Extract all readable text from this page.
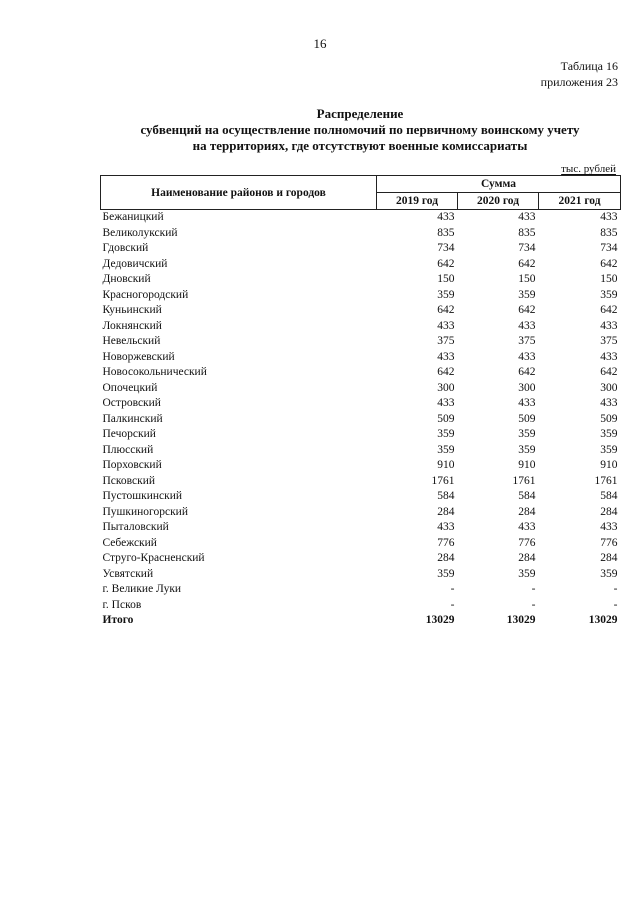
16
Таблица 16
приложения 23
Распределение
субвенций на осуществление полномочий по первичному воинскому учету
на территориях, где отсутствуют военные комиссариаты
тыс. рублей
Наименование районов и городов	Сумма		
	2019 год	2020 год	2021 год
Бежаницкий	433	433	433
Великолукский	835	835	835
Гдовский	734	734	734
Дедовичский	642	642	642
Дновский	150	150	150
Красногородский	359	359	359
Куньинский	642	642	642
Локнянский	433	433	433
Невельский	375	375	375
Новоржевский	433	433	433
Новосокольнический	642	642	642
Опочецкий	300	300	300
Островский	433	433	433
Палкинский	509	509	509
Печорский	359	359	359
Плюсский	359	359	359
Порховский	910	910	910
Псковский	1761	1761	1761
Пустошкинский	584	584	584
Пушкиногорский	284	284	284
Пыталовский	433	433	433
Себежский	776	776	776
Струго-Красненский	284	284	284
Усвятский	359	359	359
г. Великие Луки	-	-	-
г. Псков	-	-	-
Итого	13029	13029	13029
